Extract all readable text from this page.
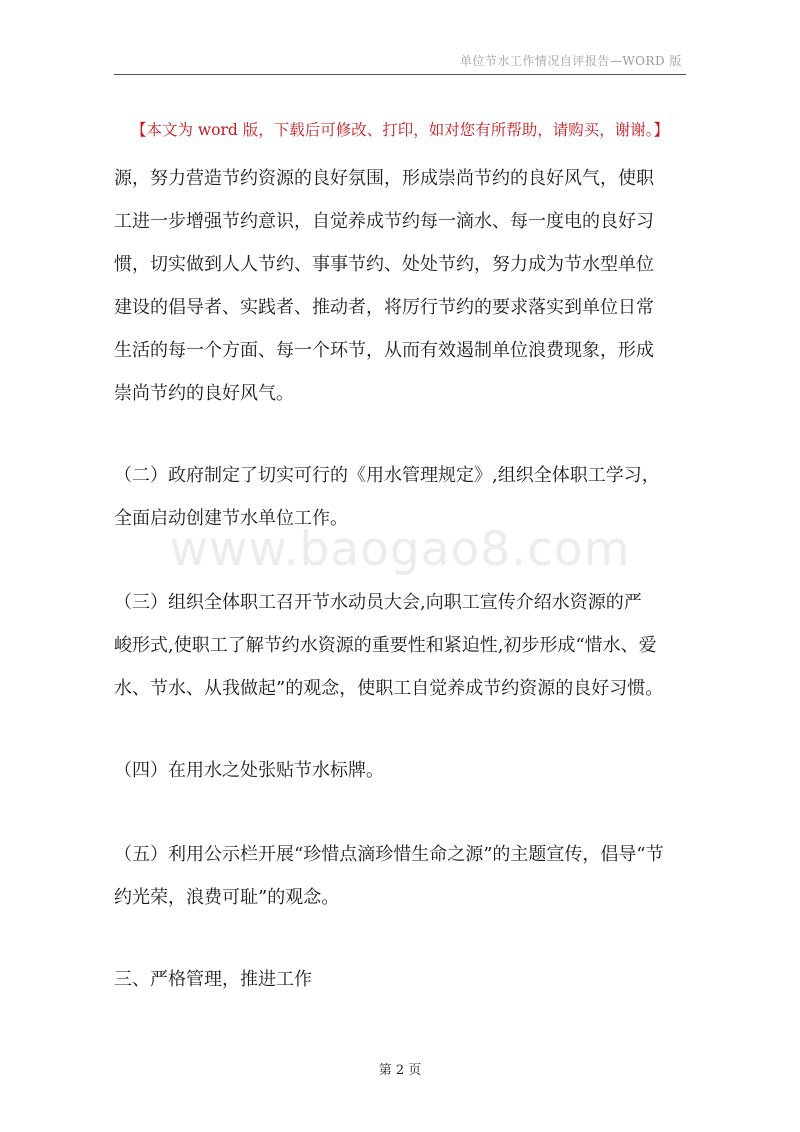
单位节水工作情况自评报告—WORD 版
【本文为 word 版，下载后可修改、打印，如对您有所帮助，请购买，谢谢。】
www.baogao8.com
源，努力营造节约资源的良好氛围，形成崇尚节约的良好风气，使职
工进一步增强节约意识，自觉养成节约每一滴水、每一度电的良好习
惯，切实做到人人节约、事事节约、处处节约，努力成为节水型单位
建设的倡导者、实践者、推动者，将厉行节约的要求落实到单位日常
生活的每一个方面、每一个环节，从而有效遏制单位浪费现象，形成
崇尚节约的良好风气。
（二）政府制定了切实可行的《用水管理规定》,组织全体职工学习，
全面启动创建节水单位工作。
（三）组织全体职工召开节水动员大会,向职工宣传介绍水资源的严
峻形式,使职工了解节约水资源的重要性和紧迫性,初步形成“惜水、爱
水、节水、从我做起”的观念，使职工自觉养成节约资源的良好习惯。
（四）在用水之处张贴节水标牌。
（五）利用公示栏开展“珍惜点滴珍惜生命之源”的主题宣传，倡导“节
约光荣，浪费可耻”的观念。
三、严格管理，推进工作
第 2 页
